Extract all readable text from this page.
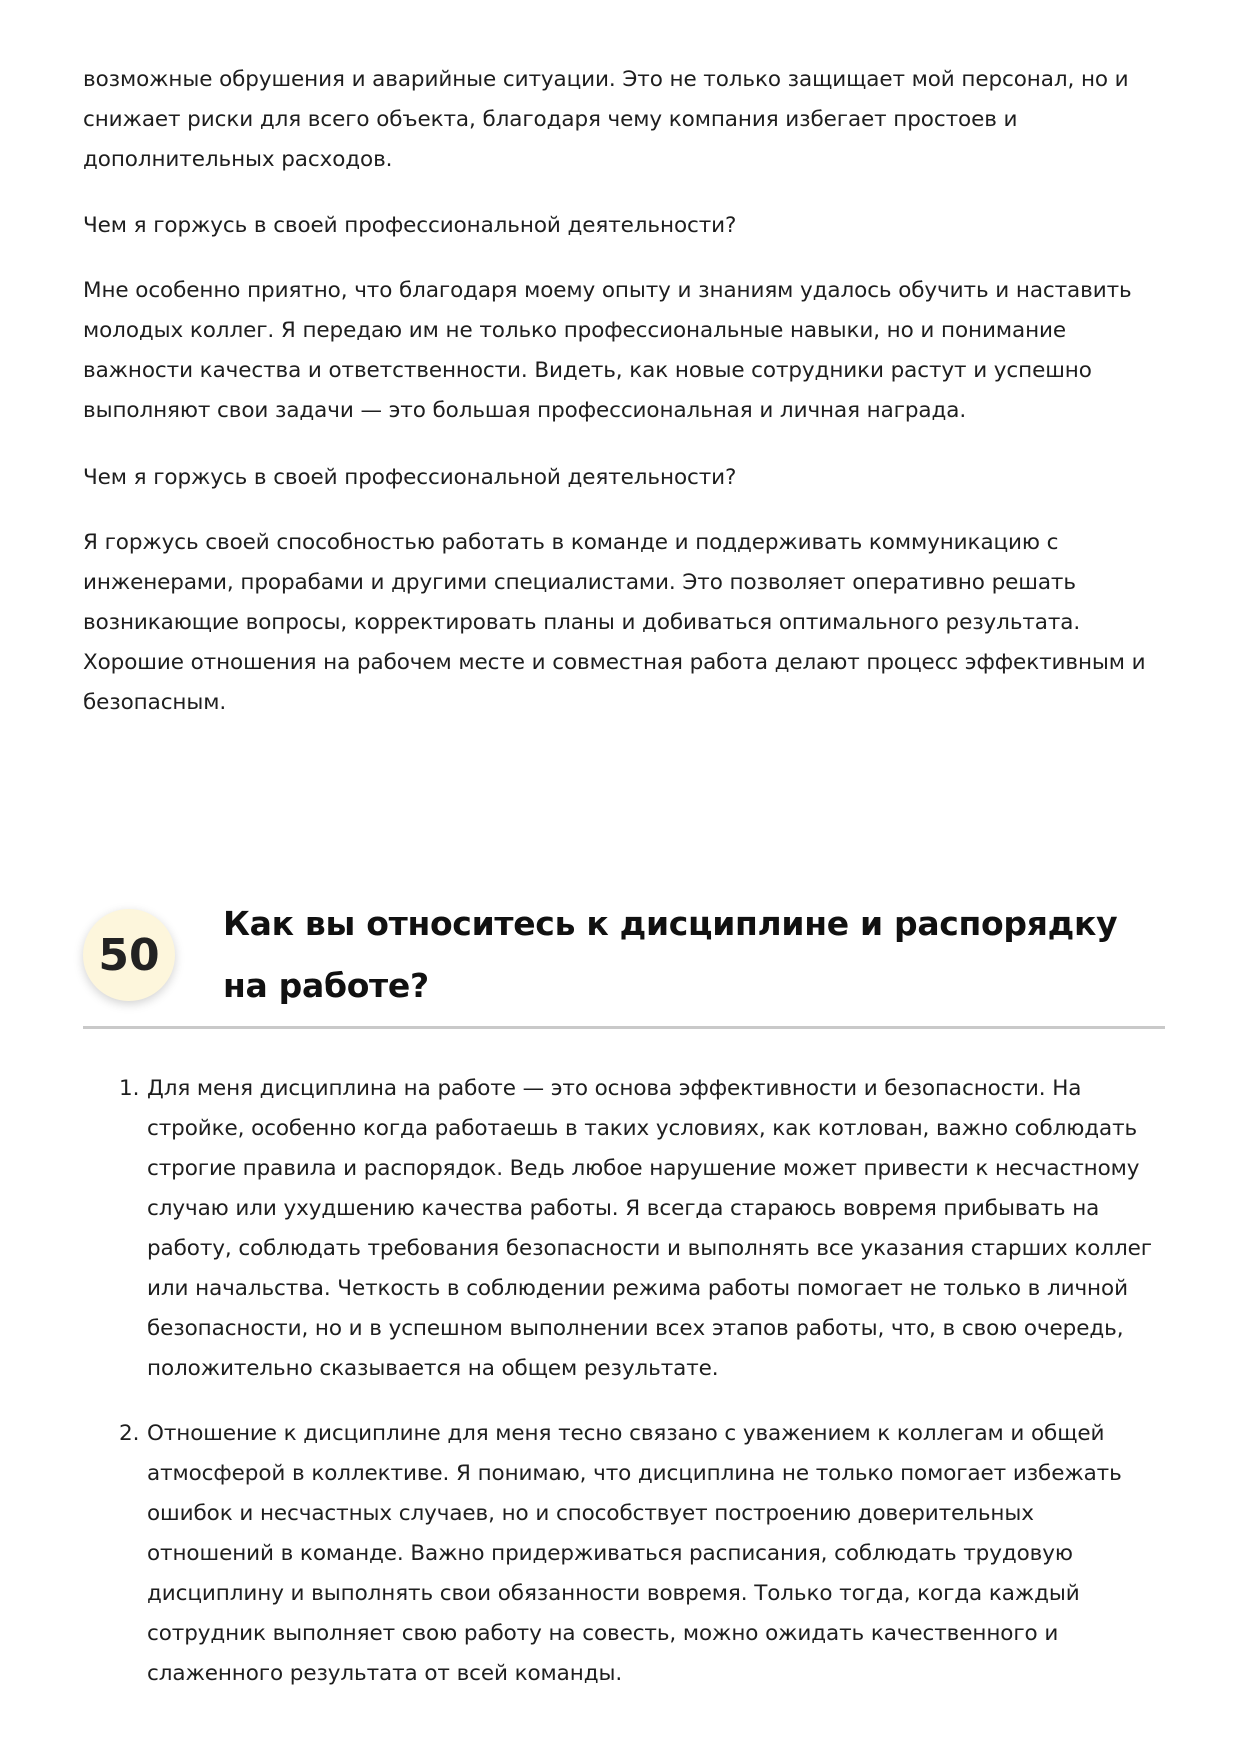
возможные обрушения и аварийные ситуации. Это не только защищает мой персонал, но и снижает риски для всего объекта, благодаря чему компания избегает простоев и дополнительных расходов.

Чем я горжусь в своей профессиональной деятельности?

Мне особенно приятно, что благодаря моему опыту и знаниям удалось обучить и наставить молодых коллег. Я передаю им не только профессиональные навыки, но и понимание важности качества и ответственности. Видеть, как новые сотрудники растут и успешно выполняют свои задачи — это большая профессиональная и личная награда.

Чем я горжусь в своей профессиональной деятельности?

Я горжусь своей способностью работать в команде и поддерживать коммуникацию с инженерами, прорабами и другими специалистами. Это позволяет оперативно решать возникающие вопросы, корректировать планы и добиваться оптимального результата. Хорошие отношения на рабочем месте и совместная работа делают процесс эффективным и безопасным.

50
Как вы относитесь к дисциплине и распорядку на работе?
1. Для меня дисциплина на работе — это основа эффективности и безопасности. На стройке, особенно когда работаешь в таких условиях, как котлован, важно соблюдать строгие правила и распорядок. Ведь любое нарушение может привести к несчастному случаю или ухудшению качества работы. Я всегда стараюсь вовремя прибывать на работу, соблюдать требования безопасности и выполнять все указания старших коллег или начальства. Четкость в соблюдении режима работы помогает не только в личной безопасности, но и в успешном выполнении всех этапов работы, что, в свою очередь, положительно сказывается на общем результате.
2. Отношение к дисциплине для меня тесно связано с уважением к коллегам и общей атмосферой в коллективе. Я понимаю, что дисциплина не только помогает избежать ошибок и несчастных случаев, но и способствует построению доверительных отношений в команде. Важно придерживаться расписания, соблюдать трудовую дисциплину и выполнять свои обязанности вовремя. Только тогда, когда каждый сотрудник выполняет свою работу на совесть, можно ожидать качественного и слаженного результата от всей команды.
